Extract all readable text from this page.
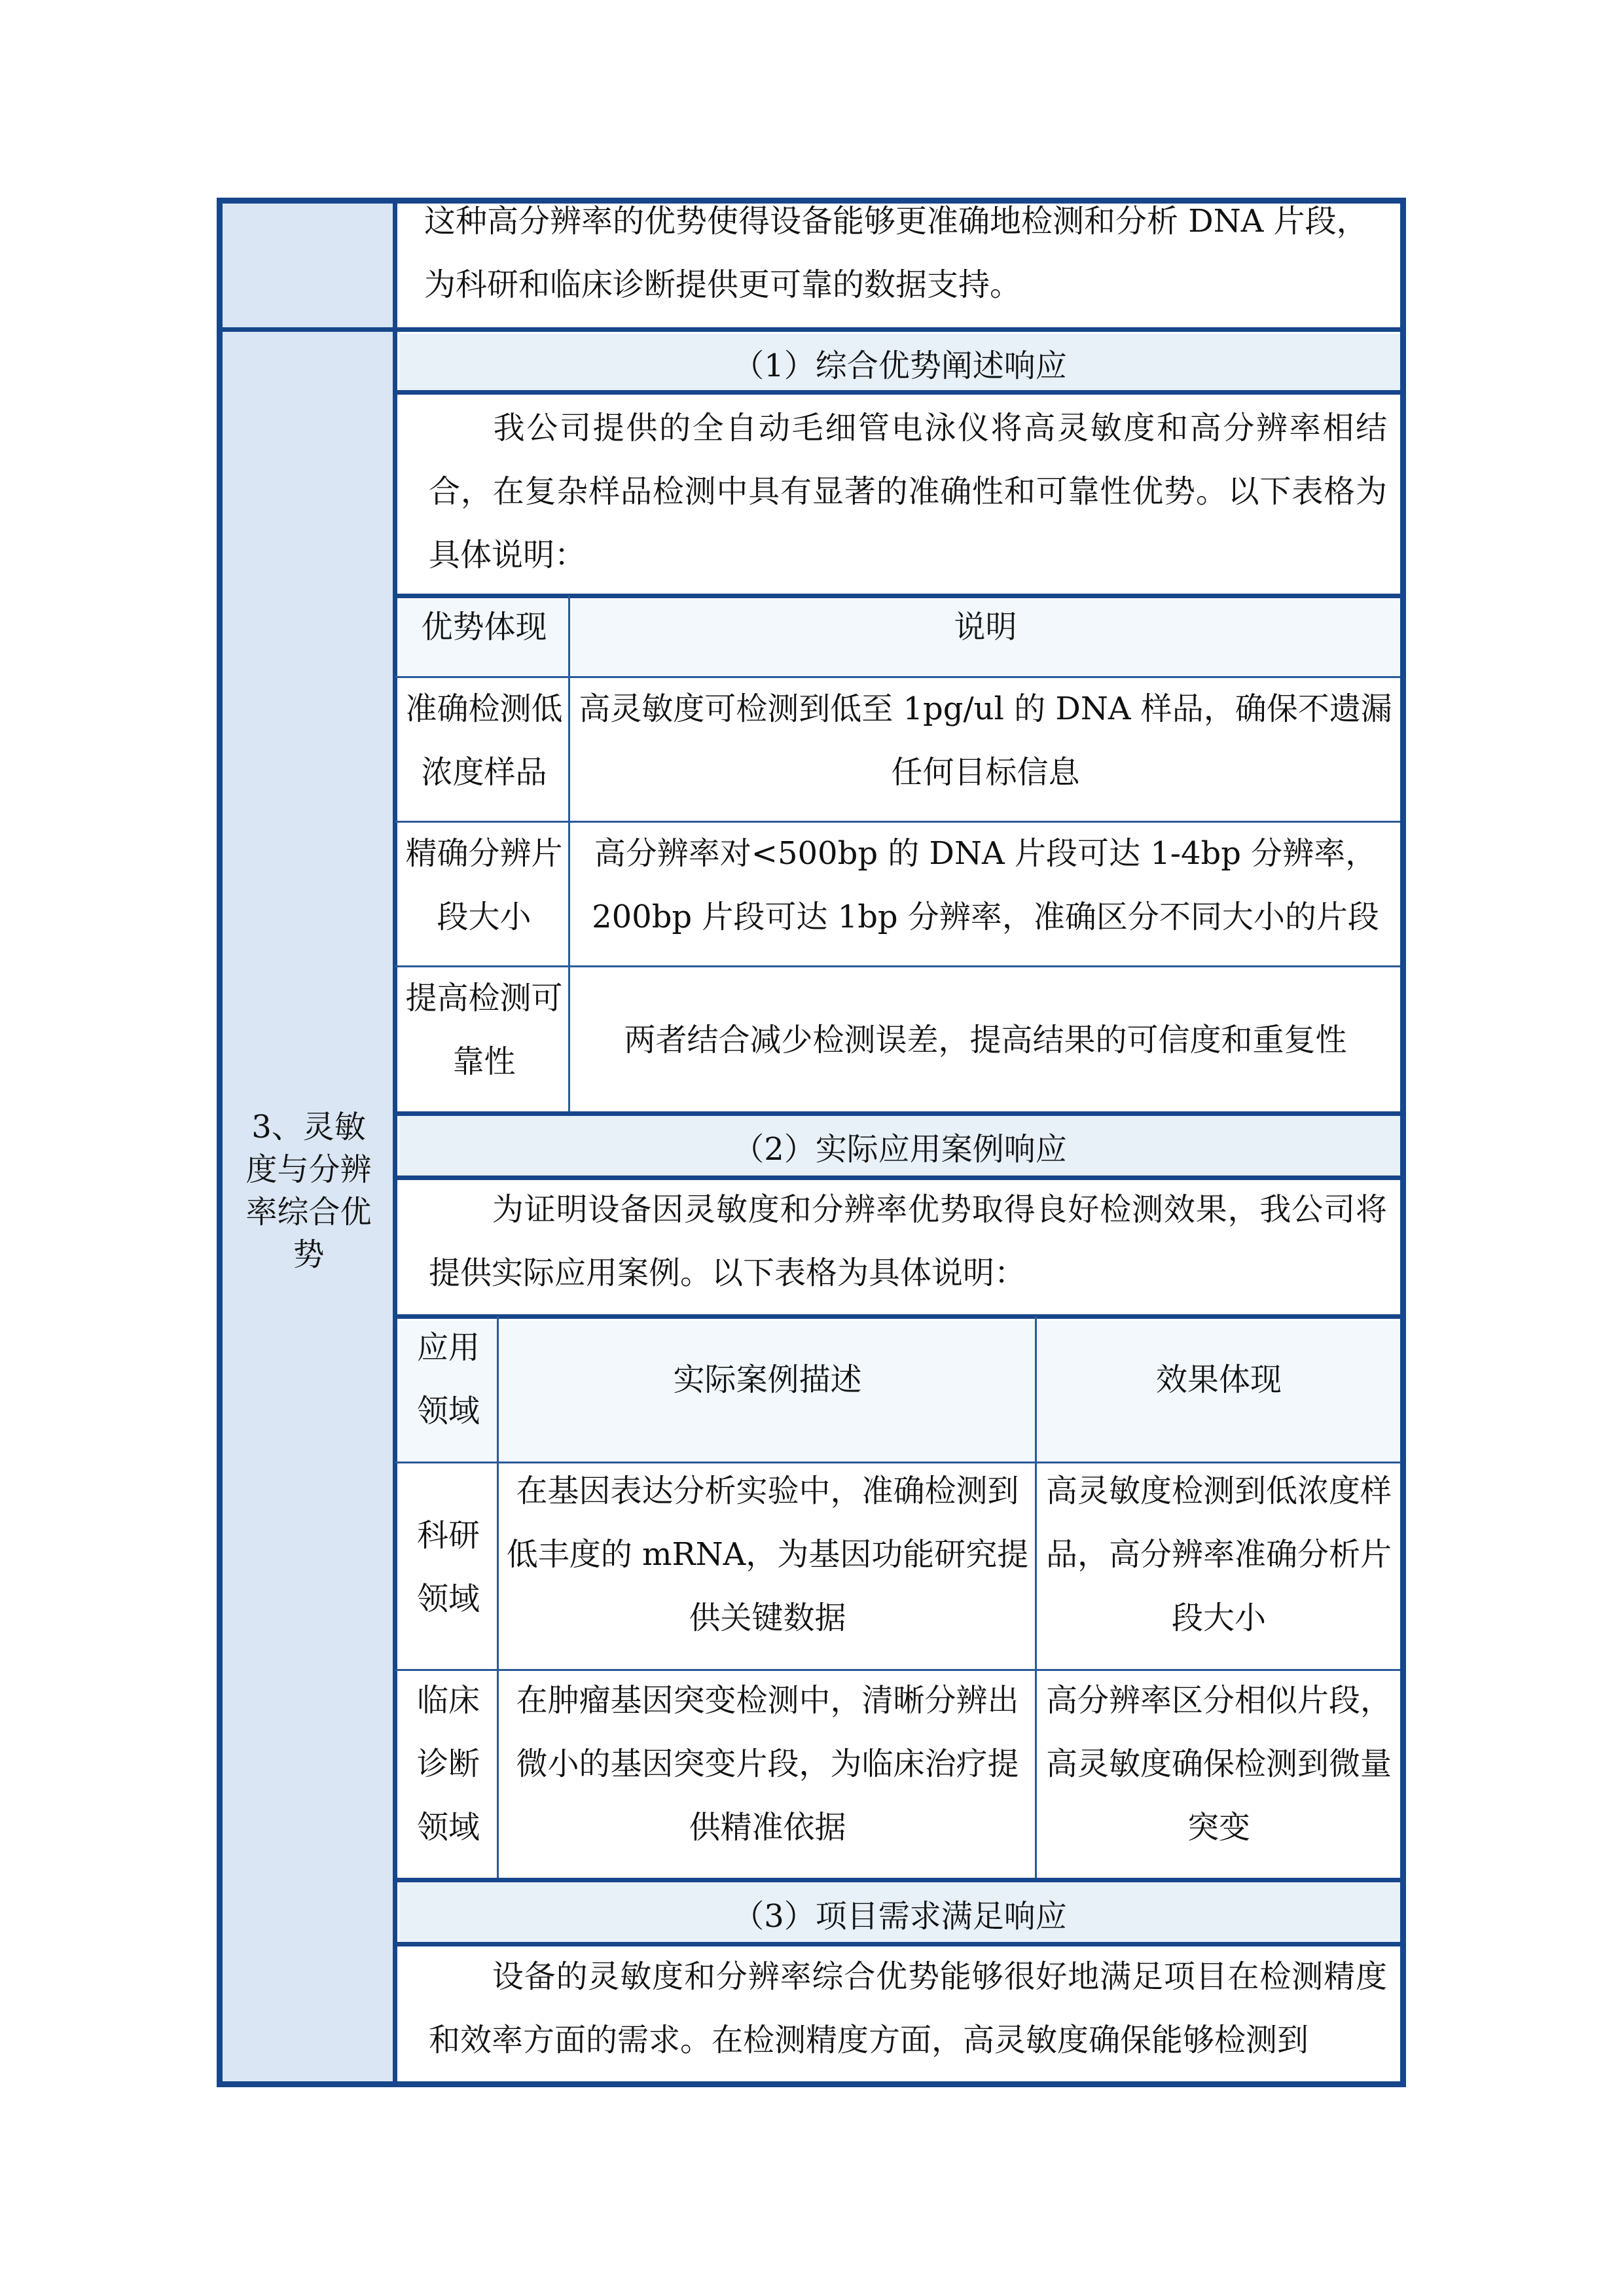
3、灵敏度与分辨率综合优势
这种高分辨率的优势使得设备能够更准确地检测和分析 DNA 片段，为科研和临床诊断提供更可靠的数据支持。
（1）综合优势阐述响应
我公司提供的全自动毛细管电泳仪将高灵敏度和高分辨率相结合，在复杂样品检测中具有显著的准确性和可靠性优势。以下表格为具体说明：
优势体现	说明
准确检测低浓度样品
高灵敏度可检测到低至 1pg/ul 的 DNA 样品，确保不遗漏任何目标信息
精确分辨片段大小
高分辨率对<500bp 的 DNA 片段可达 1-4bp 分辨率，200bp 片段可达 1bp 分辨率，准确区分不同大小的片段
提高检测可靠性
两者结合减少检测误差，提高结果的可信度和重复性
（2）实际应用案例响应
为证明设备因灵敏度和分辨率优势取得良好检测效果，我公司将提供实际应用案例。以下表格为具体说明：
应用领域
实际案例描述	效果体现
科研领域
在基因表达分析实验中，准确检测到低丰度的 mRNA，为基因功能研究提供关键数据
高灵敏度检测到低浓度样品，高分辨率准确分析片段大小
临床诊断领域
在肿瘤基因突变检测中，清晰分辨出微小的基因突变片段，为临床治疗提供精准依据
高分辨率区分相似片段，高灵敏度确保检测到微量突变
（3）项目需求满足响应
设备的灵敏度和分辨率综合优势能够很好地满足项目在检测精度和效率方面的需求。在检测精度方面，高灵敏度确保能够检测到
